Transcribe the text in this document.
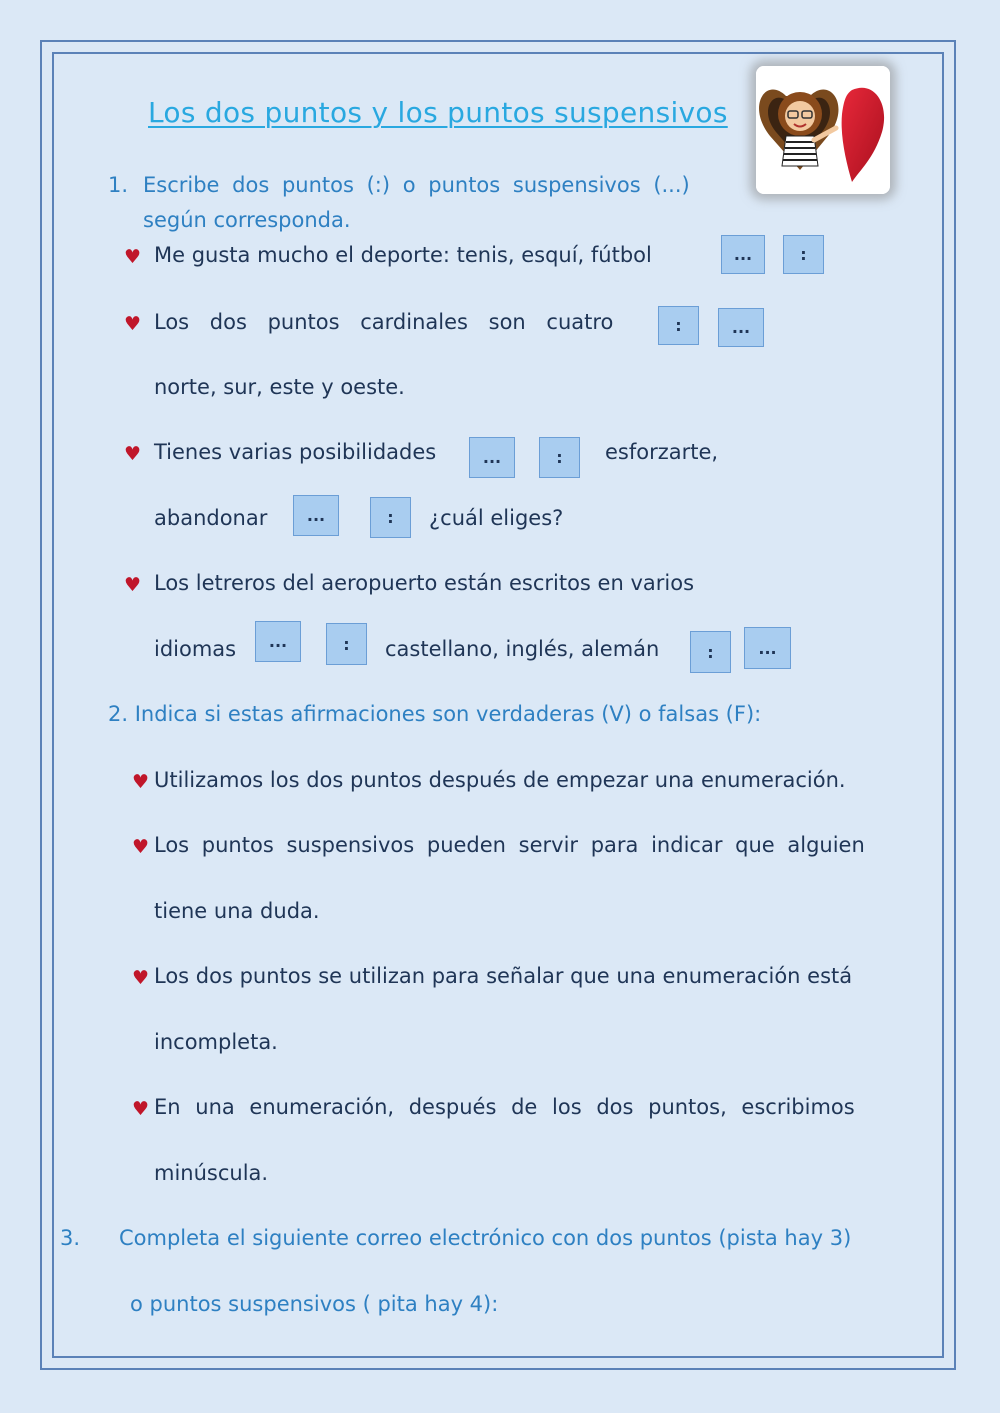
Los dos puntos y los puntos suspensivos
1. Escribe dos puntos (:) o puntos suspensivos (...)
según corresponda.
♥ Me gusta mucho el deporte: tenis, esquí, fútbol	...	:
♥ Los dos puntos cardinales son cuatro	:	...
norte, sur, este y oeste.
♥ Tienes varias posibilidades	...	:	esforzarte,
abandonar	...	:	¿cuál eliges?
♥ Los letreros del aeropuerto están escritos en varios
idiomas	...	:	castellano, inglés, alemán	:	...
2. Indica si estas afirmaciones son verdaderas (V) o falsas (F):
♥ Utilizamos los dos puntos después de empezar una enumeración.
♥ Los puntos suspensivos pueden servir para indicar que alguien
tiene una duda.
♥ Los dos puntos se utilizan para señalar que una enumeración está
incompleta.
♥ En una enumeración, después de los dos puntos, escribimos
minúscula.
3. Completa el siguiente correo electrónico con dos puntos (pista hay 3)
o puntos suspensivos ( pita hay 4):
